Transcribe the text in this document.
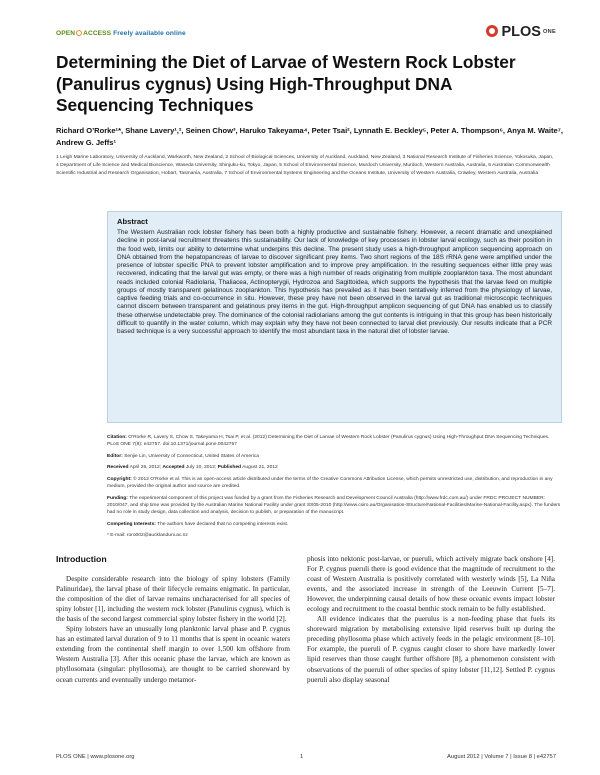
OPEN ACCESS Freely available online	PLOS ONE
Determining the Diet of Larvae of Western Rock Lobster (Panulirus cygnus) Using High-Throughput DNA Sequencing Techniques
Richard O’Rorke¹*, Shane Lavery¹,², Seinen Chow³, Haruko Takeyama⁴, Peter Tsai², Lynnath E. Beckley⁵, Peter A. Thompson⁶, Anya M. Waite⁷, Andrew G. Jeffs¹
1 Leigh Marine Laboratory, University of Auckland, Warkworth, New Zealand, 2 School of Biological Sciences, University of Auckland, Auckland, New Zealand, 3 National Research Institute of Fisheries Science, Yokosuka, Japan, 4 Department of Life Science and Medical Bioscience, Waseda University, Shinjuku-ku, Tokyo, Japan, 5 School of Environmental Science, Murdoch University, Murdoch, Western Australia, Australia, 6 Australian Commonwealth Scientific Industrial and Research Organisation, Hobart, Tasmania, Australia, 7 School of Environmental Systems Engineering and the Oceans Institute, University of Western Australia, Crawley, Western Australia, Australia
Abstract
The Western Australian rock lobster fishery has been both a highly productive and sustainable fishery. However, a recent dramatic and unexplained decline in post-larval recruitment threatens this sustainability. Our lack of knowledge of key processes in lobster larval ecology, such as their position in the food web, limits our ability to determine what underpins this decline. The present study uses a high-throughput amplicon sequencing approach on DNA obtained from the hepatopancreas of larvae to discover significant prey items. Two short regions of the 18S rRNA gene were amplified under the presence of lobster specific PNA to prevent lobster amplification and to improve prey amplification. In the resulting sequences either little prey was recovered, indicating that the larval gut was empty, or there was a high number of reads originating from multiple zooplankton taxa. The most abundant reads included colonial Radiolaria, Thaliacea, Actinopterygii, Hydrozoa and Sagittoidea, which supports the hypothesis that the larvae feed on multiple groups of mostly transparent gelatinous zooplankton. This hypothesis has prevailed as it has been tentatively inferred from the physiology of larvae, captive feeding trials and co-occurrence in situ. However, these prey have not been observed in the larval gut as traditional microscopic techniques cannot discern between transparent and gelatinous prey items in the gut. High-throughput amplicon sequencing of gut DNA has enabled us to classify these otherwise undetectable prey. The dominance of the colonial radiolarians among the gut contents is intriguing in that this group has been historically difficult to quantify in the water column, which may explain why they have not been connected to larval diet previously. Our results indicate that a PCR based technique is a very successful approach to identify the most abundant taxa in the natural diet of lobster larvae.

Citation: O’Rorke R, Lavery S, Chow S, Takeyama H, Tsai P, et al. (2012) Determining the Diet of Larvae of Western Rock Lobster (Panulirus cygnus) Using High-Throughput DNA Sequencing Techniques. PLoS ONE 7(8): e42757. doi:10.1371/journal.pone.0042757

Editor: Senjie Lin, University of Connecticut, United States of America

Received April 26, 2012; Accepted July 10, 2012; Published August 21, 2012

Copyright: © 2012 O’Rorke et al. This is an open-access article distributed under the terms of the Creative Commons Attribution License, which permits unrestricted use, distribution, and reproduction in any medium, provided the original author and source are credited.

Funding: The experimental component of this project was funded by a grant from the Fisheries Research and Development Council Australia (http://www.frdc.com.au/) under FRDC PROJECT NUMBER: 2010/047, and ship time was provided by the Australian Marine National Facility under grant SS05-2010 (http://www.csiro.au/Organisation-Structure/National-Facilities/Marine-National-Facility.aspx). The funders had no role in study design, data collection and analysis, decision to publish, or preparation of the manuscript.

Competing Interests: The authors have declared that no competing interests exist.

* E-mail: roro002@aucklanduni.ac.nz

Introduction

Despite considerable research into the biology of spiny lobsters (Family Palinuridae), the larval phase of their lifecycle remains enigmatic. In particular, the composition of the diet of larvae remains uncharacterised for all species of spiny lobster [1], including the western rock lobster (Panulirus cygnus), which is the basis of the second largest commercial spiny lobster fishery in the world [2].

Spiny lobsters have an unusually long planktonic larval phase and P. cygnus has an estimated larval duration of 9 to 11 months that is spent in oceanic waters extending from the continental shelf margin to over 1,500 km offshore from Western Australia [3]. After this oceanic phase the larvae, which are known as phyllosomata (singular: phyllosoma), are thought to be carried shoreward by ocean currents and eventually undergo metamor-

phosis into nektonic post-larvae, or puerulі, which actively migrate back onshore [4]. For P. cygnus puerulі there is good evidence that the magnitude of recruitment to the coast of Western Australia is positively correlated with westerly winds [5], La Niña events, and the associated increase in strength of the Leeuwin Current [5–7]. However, the underpinning causal details of how these oceanic events impact lobster ecology and recruitment to the coastal benthic stock remain to be fully established.

All evidence indicates that the puerulus is a non-feeding phase that fuels its shoreward migration by metabolising extensive lipid reserves built up during the preceding phyllosoma phase which actively feeds in the pelagic environment [8–10]. For example, the puerulі of P. cygnus caught closer to shore have markedly lower lipid reserves than those caught further offshore [8], a phenomenon consistent with observations of the puerulі of other species of spiny lobster [11,12]. Settled P. cygnus puerulі also display seasonal

PLOS ONE | www.plosone.org	1	August 2012 | Volume 7 | Issue 8 | e42757
